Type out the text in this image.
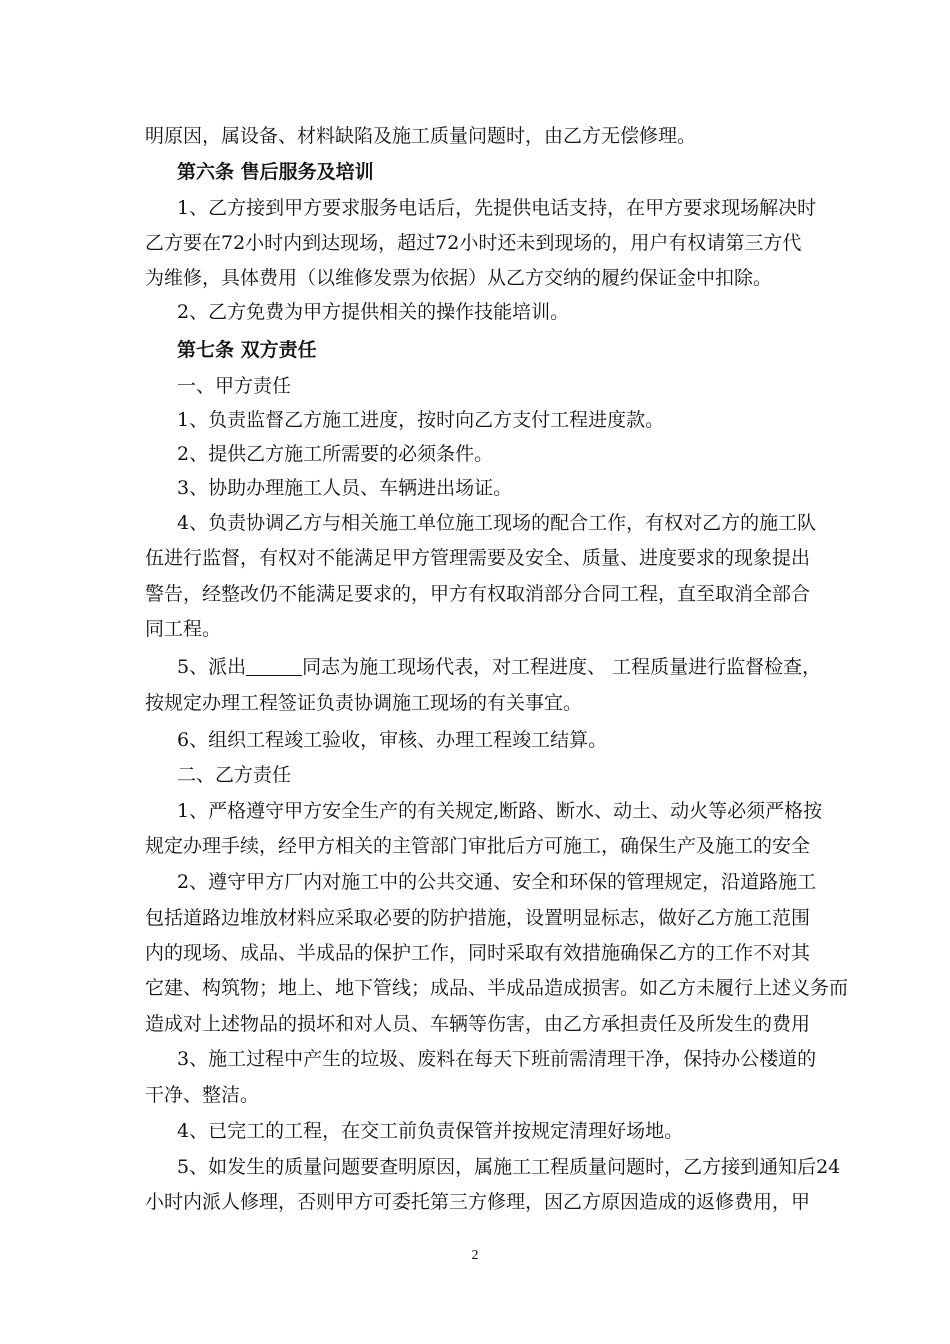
明原因，属设备、材料缺陷及施工质量问题时，由乙方无偿修理。
第六条 售后服务及培训
1、乙方接到甲方要求服务电话后，先提供电话支持，在甲方要求现场解决时
乙方要在72小时内到达现场，超过72小时还未到现场的，用户有权请第三方代
为维修，具体费用（以维修发票为依据）从乙方交纳的履约保证金中扣除。
2、乙方免费为甲方提供相关的操作技能培训。
第七条 双方责任
一、甲方责任
1、负责监督乙方施工进度，按时向乙方支付工程进度款。
2、提供乙方施工所需要的必须条件。
3、协助办理施工人员、车辆进出场证。
4、负责协调乙方与相关施工单位施工现场的配合工作，有权对乙方的施工队
伍进行监督，有权对不能满足甲方管理需要及安全、质量、进度要求的现象提出
警告，经整改仍不能满足要求的，甲方有权取消部分合同工程，直至取消全部合
同工程。
5、派出	同志为施工现场代表，对工程进度、 工程质量进行监督检查，
按规定办理工程签证负责协调施工现场的有关事宜。
6、组织工程竣工验收，审核、办理工程竣工结算。
二、乙方责任
1、严格遵守甲方安全生产的有关规定,断路、断水、动土、动火等必须严格按
规定办理手续，经甲方相关的主管部门审批后方可施工，确保生产及施工的安全
2、遵守甲方厂内对施工中的公共交通、安全和环保的管理规定，沿道路施工
包括道路边堆放材料应采取必要的防护措施，设置明显标志，做好乙方施工范围
内的现场、成品、半成品的保护工作，同时采取有效措施确保乙方的工作不对其
它建、构筑物；地上、地下管线；成品、半成品造成损害。如乙方未履行上述义务而
造成对上述物品的损坏和对人员、车辆等伤害，由乙方承担责任及所发生的费用
3、施工过程中产生的垃圾、废料在每天下班前需清理干净，保持办公楼道的
干净、整洁。
4、已完工的工程，在交工前负责保管并按规定清理好场地。
5、如发生的质量问题要查明原因，属施工工程质量问题时，乙方接到通知后24
小时内派人修理，否则甲方可委托第三方修理，因乙方原因造成的返修费用，甲
2
